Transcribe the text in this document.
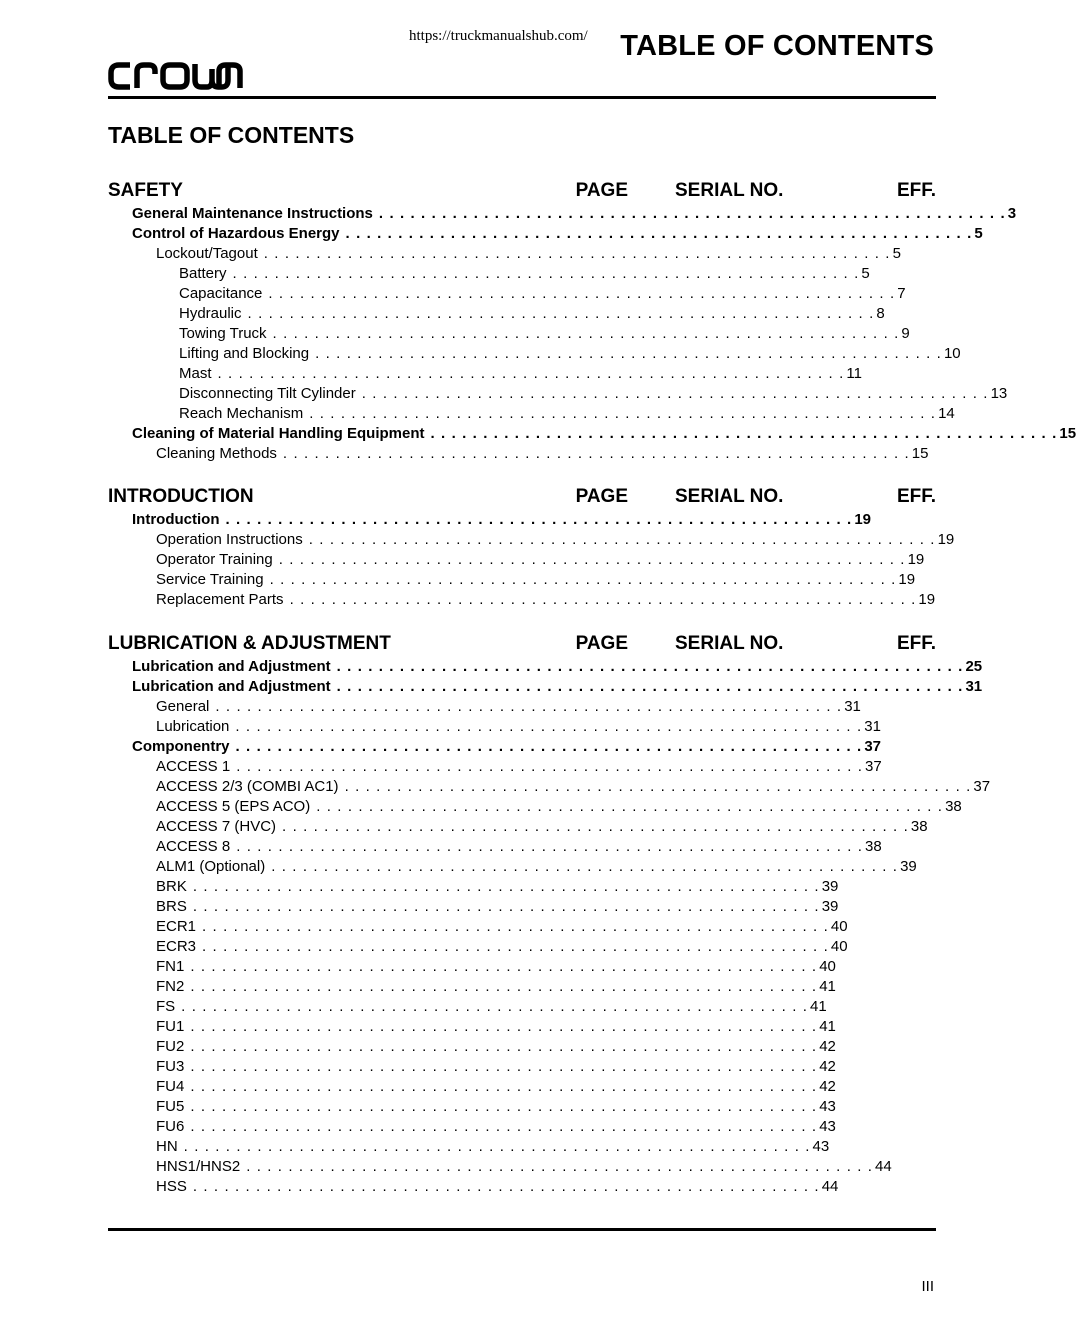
https://truckmanualshub.com/ TABLE OF CONTENTS
TABLE OF CONTENTS
SAFETY	PAGE SERIAL NO.	EFF.
General Maintenance Instructions . . . . . . . . . . . . . . . . . . . . . . . . . . . . . . . . . . . . . . . . . . . . . . . . . . . . . . . . . . . . 3
Control of Hazardous Energy . . . . . . . . . . . . . . . . . . . . . . . . . . . . . . . . . . . . . . . . . . . . . . . . . . . . . . . . . . . . 5
Lockout/Tagout . . . . . . . . . . . . . . . . . . . . . . . . . . . . . . . . . . . . . . . . . . . . . . . . . . . . . . . . . . . . 5
Battery . . . . . . . . . . . . . . . . . . . . . . . . . . . . . . . . . . . . . . . . . . . . . . . . . . . . . . . . . . . . 5
Capacitance . . . . . . . . . . . . . . . . . . . . . . . . . . . . . . . . . . . . . . . . . . . . . . . . . . . . . . . . . . . . 7
Hydraulic . . . . . . . . . . . . . . . . . . . . . . . . . . . . . . . . . . . . . . . . . . . . . . . . . . . . . . . . . . . . 8
Towing Truck . . . . . . . . . . . . . . . . . . . . . . . . . . . . . . . . . . . . . . . . . . . . . . . . . . . . . . . . . . . . 9
Lifting and Blocking . . . . . . . . . . . . . . . . . . . . . . . . . . . . . . . . . . . . . . . . . . . . . . . . . . . . . . . . . . . . 10
Mast . . . . . . . . . . . . . . . . . . . . . . . . . . . . . . . . . . . . . . . . . . . . . . . . . . . . . . . . . . . . 11
Disconnecting Tilt Cylinder . . . . . . . . . . . . . . . . . . . . . . . . . . . . . . . . . . . . . . . . . . . . . . . . . . . . . . . . . . . . 13
Reach Mechanism . . . . . . . . . . . . . . . . . . . . . . . . . . . . . . . . . . . . . . . . . . . . . . . . . . . . . . . . . . . . 14
Cleaning of Material Handling Equipment . . . . . . . . . . . . . . . . . . . . . . . . . . . . . . . . . . . . . . . . . . . . . . . . . . . . . . . . . . . . 15
Cleaning Methods . . . . . . . . . . . . . . . . . . . . . . . . . . . . . . . . . . . . . . . . . . . . . . . . . . . . . . . . . . . . 15
INTRODUCTION	PAGE SERIAL NO.	EFF.
Introduction . . . . . . . . . . . . . . . . . . . . . . . . . . . . . . . . . . . . . . . . . . . . . . . . . . . . . . . . . . . . 19
Operation Instructions . . . . . . . . . . . . . . . . . . . . . . . . . . . . . . . . . . . . . . . . . . . . . . . . . . . . . . . . . . . . 19
Operator Training . . . . . . . . . . . . . . . . . . . . . . . . . . . . . . . . . . . . . . . . . . . . . . . . . . . . . . . . . . . . 19
Service Training . . . . . . . . . . . . . . . . . . . . . . . . . . . . . . . . . . . . . . . . . . . . . . . . . . . . . . . . . . . . 19
Replacement Parts . . . . . . . . . . . . . . . . . . . . . . . . . . . . . . . . . . . . . . . . . . . . . . . . . . . . . . . . . . . . 19
LUBRICATION & ADJUSTMENT	PAGE SERIAL NO.	EFF.
Lubrication and Adjustment . . . . . . . . . . . . . . . . . . . . . . . . . . . . . . . . . . . . . . . . . . . . . . . . . . . . . . . . . . . . 25
Lubrication and Adjustment . . . . . . . . . . . . . . . . . . . . . . . . . . . . . . . . . . . . . . . . . . . . . . . . . . . . . . . . . . . . 31
General . . . . . . . . . . . . . . . . . . . . . . . . . . . . . . . . . . . . . . . . . . . . . . . . . . . . . . . . . . . . 31
Lubrication . . . . . . . . . . . . . . . . . . . . . . . . . . . . . . . . . . . . . . . . . . . . . . . . . . . . . . . . . . . . 31
Componentry . . . . . . . . . . . . . . . . . . . . . . . . . . . . . . . . . . . . . . . . . . . . . . . . . . . . . . . . . . . . 37
ACCESS 1 . . . . . . . . . . . . . . . . . . . . . . . . . . . . . . . . . . . . . . . . . . . . . . . . . . . . . . . . . . . . 37
ACCESS 2/3 (COMBI AC1) . . . . . . . . . . . . . . . . . . . . . . . . . . . . . . . . . . . . . . . . . . . . . . . . . . . . . . . . . . . . 37
ACCESS 5 (EPS ACO) . . . . . . . . . . . . . . . . . . . . . . . . . . . . . . . . . . . . . . . . . . . . . . . . . . . . . . . . . . . . 38
ACCESS 7 (HVC) . . . . . . . . . . . . . . . . . . . . . . . . . . . . . . . . . . . . . . . . . . . . . . . . . . . . . . . . . . . . 38
ACCESS 8 . . . . . . . . . . . . . . . . . . . . . . . . . . . . . . . . . . . . . . . . . . . . . . . . . . . . . . . . . . . . 38
ALM1 (Optional) . . . . . . . . . . . . . . . . . . . . . . . . . . . . . . . . . . . . . . . . . . . . . . . . . . . . . . . . . . . . 39
BRK . . . . . . . . . . . . . . . . . . . . . . . . . . . . . . . . . . . . . . . . . . . . . . . . . . . . . . . . . . . . 39
BRS . . . . . . . . . . . . . . . . . . . . . . . . . . . . . . . . . . . . . . . . . . . . . . . . . . . . . . . . . . . . 39
ECR1 . . . . . . . . . . . . . . . . . . . . . . . . . . . . . . . . . . . . . . . . . . . . . . . . . . . . . . . . . . . . 40
ECR3 . . . . . . . . . . . . . . . . . . . . . . . . . . . . . . . . . . . . . . . . . . . . . . . . . . . . . . . . . . . . 40
FN1 . . . . . . . . . . . . . . . . . . . . . . . . . . . . . . . . . . . . . . . . . . . . . . . . . . . . . . . . . . . . 40
FN2 . . . . . . . . . . . . . . . . . . . . . . . . . . . . . . . . . . . . . . . . . . . . . . . . . . . . . . . . . . . . 41
FS . . . . . . . . . . . . . . . . . . . . . . . . . . . . . . . . . . . . . . . . . . . . . . . . . . . . . . . . . . . . 41
FU1 . . . . . . . . . . . . . . . . . . . . . . . . . . . . . . . . . . . . . . . . . . . . . . . . . . . . . . . . . . . . 41
FU2 . . . . . . . . . . . . . . . . . . . . . . . . . . . . . . . . . . . . . . . . . . . . . . . . . . . . . . . . . . . . 42
FU3 . . . . . . . . . . . . . . . . . . . . . . . . . . . . . . . . . . . . . . . . . . . . . . . . . . . . . . . . . . . . 42
FU4 . . . . . . . . . . . . . . . . . . . . . . . . . . . . . . . . . . . . . . . . . . . . . . . . . . . . . . . . . . . . 42
FU5 . . . . . . . . . . . . . . . . . . . . . . . . . . . . . . . . . . . . . . . . . . . . . . . . . . . . . . . . . . . . 43
FU6 . . . . . . . . . . . . . . . . . . . . . . . . . . . . . . . . . . . . . . . . . . . . . . . . . . . . . . . . . . . . 43
HN . . . . . . . . . . . . . . . . . . . . . . . . . . . . . . . . . . . . . . . . . . . . . . . . . . . . . . . . . . . . 43
HNS1/HNS2 . . . . . . . . . . . . . . . . . . . . . . . . . . . . . . . . . . . . . . . . . . . . . . . . . . . . . . . . . . . . 44
HSS . . . . . . . . . . . . . . . . . . . . . . . . . . . . . . . . . . . . . . . . . . . . . . . . . . . . . . . . . . . . 44
III
